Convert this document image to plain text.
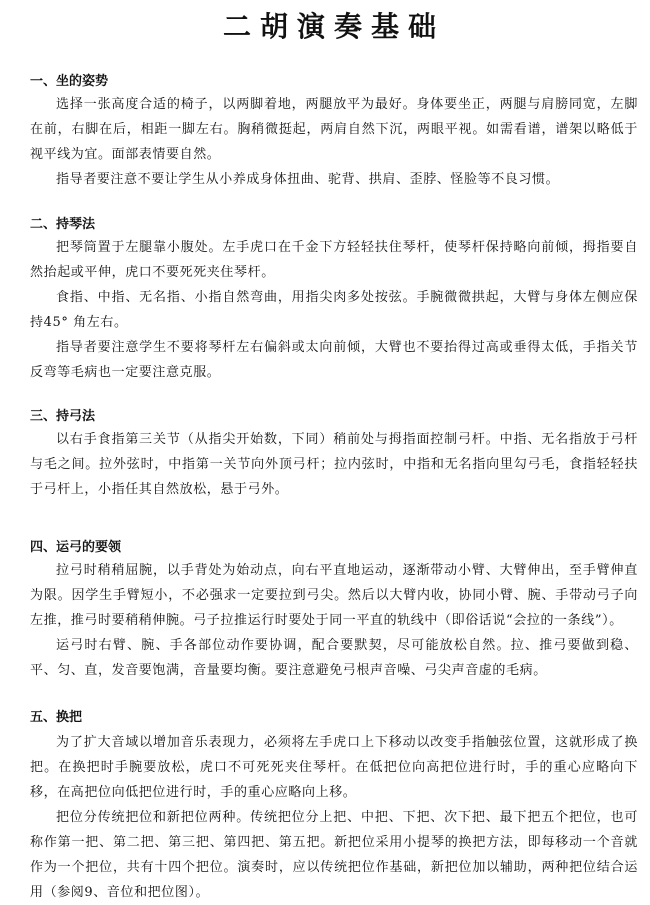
二胡演奏基础
一、坐的姿势

选择一张高度合适的椅子，以两脚着地，两腿放平为最好。身体要坐正，两腿与肩膀同宽，左脚在前，右脚在后，相距一脚左右。胸稍微挺起，两肩自然下沉，两眼平视。如需看谱，谱架以略低于视平线为宜。面部表情要自然。

指导者要注意不要让学生从小养成身体扭曲、驼背、拱肩、歪脖、怪脸等不良习惯。

二、持琴法

把琴筒置于左腿靠小腹处。左手虎口在千金下方轻轻扶住琴杆，使琴杆保持略向前倾，拇指要自然抬起或平伸，虎口不要死死夹住琴杆。

食指、中指、无名指、小指自然弯曲，用指尖肉多处按弦。手腕微微拱起，大臂与身体左侧应保持45° 角左右。

指导者要注意学生不要将琴杆左右偏斜或太向前倾，大臂也不要抬得过高或垂得太低，手指关节反弯等毛病也一定要注意克服。

三、持弓法

以右手食指第三关节（从指尖开始数，下同）稍前处与拇指面控制弓杆。中指、无名指放于弓杆与毛之间。拉外弦时，中指第一关节向外顶弓杆；拉内弦时，中指和无名指向里勾弓毛，食指轻轻扶于弓杆上，小指任其自然放松，悬于弓外。

四、运弓的要领

拉弓时稍稍屈腕，以手背处为始动点，向右平直地运动，逐渐带动小臂、大臂伸出，至手臂伸直为限。因学生手臂短小，不必强求一定要拉到弓尖。然后以大臂内收，协同小臂、腕、手带动弓子向左推，推弓时要稍稍伸腕。弓子拉推运行时要处于同一平直的轨线中（即俗话说“会拉的一条线”）。

运弓时右臂、腕、手各部位动作要协调，配合要默契，尽可能放松自然。拉、推弓要做到稳、平、匀、直，发音要饱满，音量要均衡。要注意避免弓根声音噪、弓尖声音虚的毛病。

五、换把

为了扩大音域以增加音乐表现力，必须将左手虎口上下移动以改变手指触弦位置，这就形成了换把。在换把时手腕要放松，虎口不可死死夹住琴杆。在低把位向高把位进行时，手的重心应略向下移，在高把位向低把位进行时，手的重心应略向上移。

把位分传统把位和新把位两种。传统把位分上把、中把、下把、次下把、最下把五个把位，也可称作第一把、第二把、第三把、第四把、第五把。新把位采用小提琴的换把方法，即每移动一个音就作为一个把位，共有十四个把位。演奏时，应以传统把位作基础，新把位加以辅助，两种把位结合运用（参阅9、音位和把位图）。
